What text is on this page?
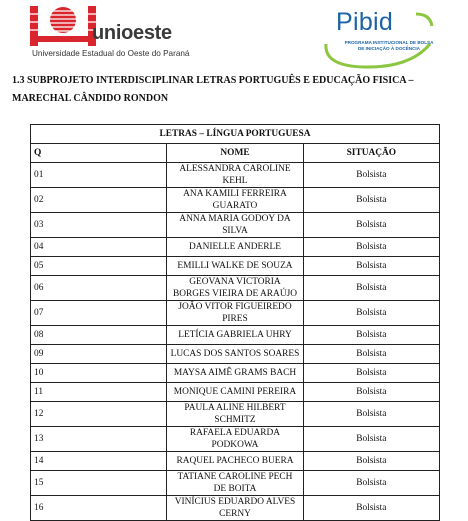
unioeste
Universidade Estadual do Oeste do Paraná
Pibid
PROGRAMA INSTITUCIONAL DE BOLSA DE INICIAÇÃO À DOCÊNCIA
1.3 SUBPROJETO INTERDISCIPLINAR LETRAS PORTUGUÊS E EDUCAÇÃO FISICA –
MARECHAL CÂNDIDO RONDON
LETRAS – LÍNGUA PORTUGUESA		
Q	NOME	SITUAÇÃO
01	ALESSANDRA CAROLINE KEHL	Bolsista
02	ANA KAMILI FERREIRA GUARATO	Bolsista
03	ANNA MARIA GODOY DA SILVA	Bolsista
04	DANIELLE ANDERLE	Bolsista
05	EMILLI WALKE DE SOUZA	Bolsista
06	GEOVANA VICTORIA BORGES VIEIRA DE ARAÚJO	Bolsista
07	JOÃO VITOR FIGUEIREDO PIRES	Bolsista
08	LETÍCIA GABRIELA UHRY	Bolsista
09	LUCAS DOS SANTOS SOARES	Bolsista
10	MAYSA AIMÊ GRAMS BACH	Bolsista
11	MONIQUE CAMINI PEREIRA	Bolsista
12	PAULA ALINE HILBERT SCHMITZ	Bolsista
13	RAFAELA EDUARDA PODKOWA	Bolsista
14	RAQUEL PACHECO BUERA	Bolsista
15	TATIANE CAROLINE PECH DE BOITA	Bolsista
16	VINÍCIUS EDUARDO ALVES CERNY	Bolsista
